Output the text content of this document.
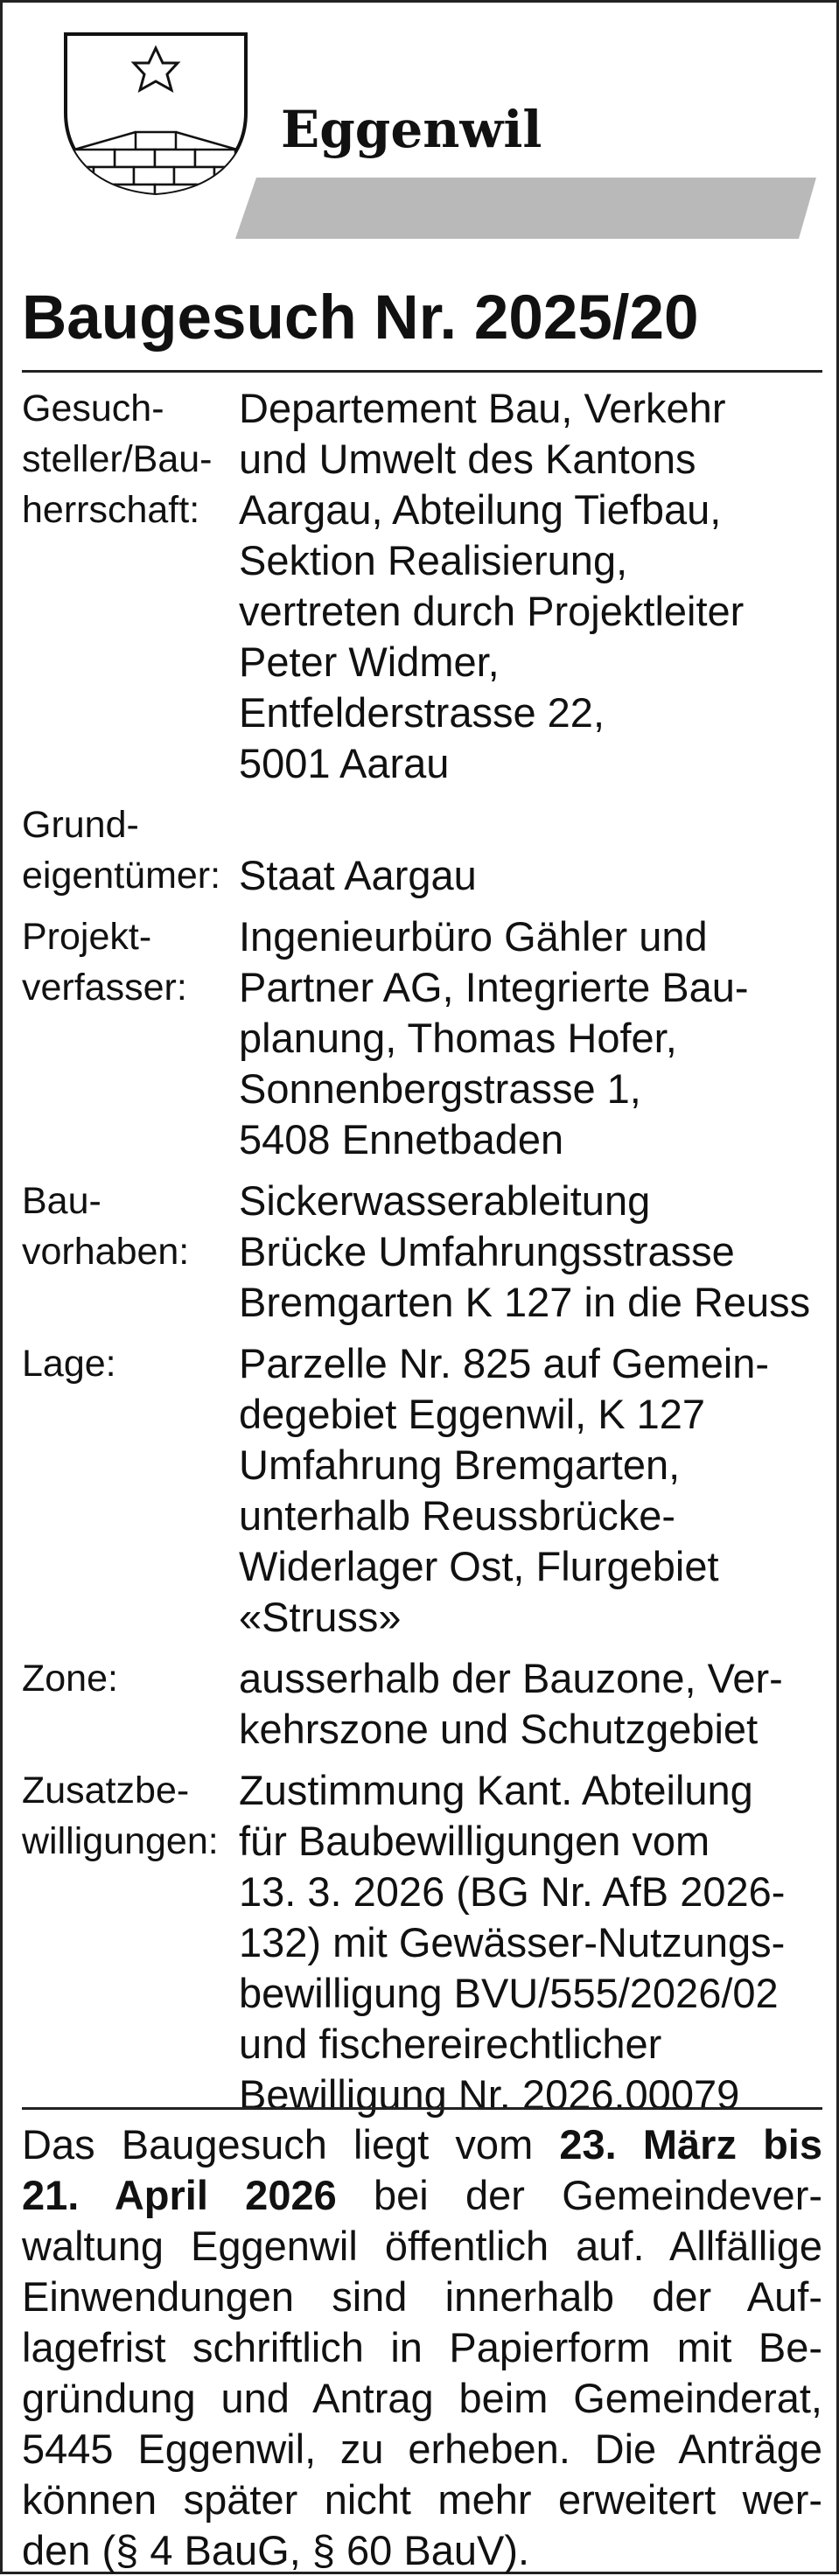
Eggenwil
Baugesuch Nr. 2025/20
Gesuch-
steller/Bau-
herrschaft:
Departement Bau, Verkehr
und Umwelt des Kantons
Aargau, Abteilung Tiefbau,
Sektion Realisierung,
vertreten durch Projektleiter
Peter Widmer,
Entfelderstrasse 22,
5001 Aarau
Grund-
eigentümer:
Staat Aargau
Projekt-
verfasser:
Ingenieurbüro Gähler und
Partner AG, Integrierte Bau-
planung, Thomas Hofer,
Sonnenbergstrasse 1,
5408 Ennetbaden
Bau-
vorhaben:
Sickerwasserableitung
Brücke Umfahrungsstrasse
Bremgarten K 127 in die Reuss
Lage:	Parzelle Nr. 825 auf Gemein-
degebiet Eggenwil, K 127
Umfahrung Bremgarten,
unterhalb Reussbrücke-
Widerlager Ost, Flurgebiet
«Struss»
Zone:	ausserhalb der Bauzone, Ver-
kehrszone und Schutzgebiet
Zusatzbe-
willigungen:
Zustimmung Kant. Abteilung
für Baubewilligungen vom
13. 3. 2026 (BG Nr. AfB 2026-
132) mit Gewässer-Nutzungs-
bewilligung BVU/555/2026/02
und fischereirechtlicher
Bewilligung Nr. 2026.00079
Das Baugesuch liegt vom 23. März bis
21. April 2026 bei der Gemeindever-
waltung Eggenwil öffentlich auf. Allfällige
Einwendungen sind innerhalb der Auf-
lagefrist schriftlich in Papierform mit Be-
gründung und Antrag beim Gemeinderat,
5445 Eggenwil, zu erheben. Die Anträge
können später nicht mehr erweitert wer-
den (§ 4 BauG, § 60 BauV).
